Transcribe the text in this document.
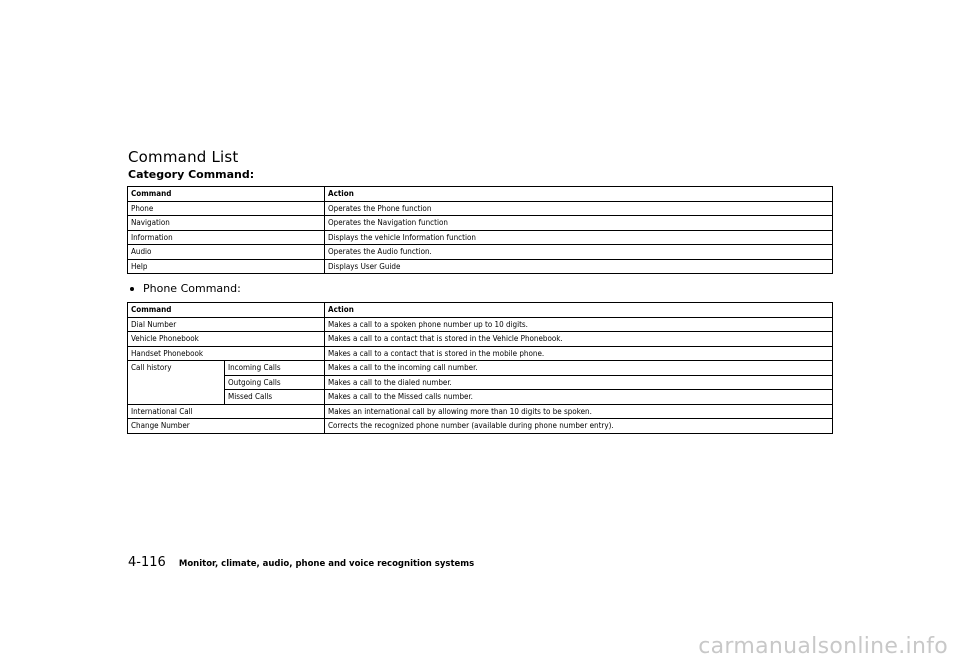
Command List
Category Command:
Command	Action
Phone	Operates the Phone function
Navigation	Operates the Navigation function
Information	Displays the vehicle Information function
Audio	Operates the Audio function.
Help	Displays User Guide
Phone Command:
Command		Action
Dial Number		Makes a call to a spoken phone number up to 10 digits.
Vehicle Phonebook		Makes a call to a contact that is stored in the Vehicle Phonebook.
Handset Phonebook		Makes a call to a contact that is stored in the mobile phone.
Call history	Incoming Calls	Makes a call to the incoming call number.
	Outgoing Calls	Makes a call to the dialed number.
	Missed Calls	Makes a call to the Missed calls number.
International Call		Makes an international call by allowing more than 10 digits to be spoken.
Change Number		Corrects the recognized phone number (available during phone number entry).
4-116 Monitor, climate, audio, phone and voice recognition systems
carmanualsonline.info
